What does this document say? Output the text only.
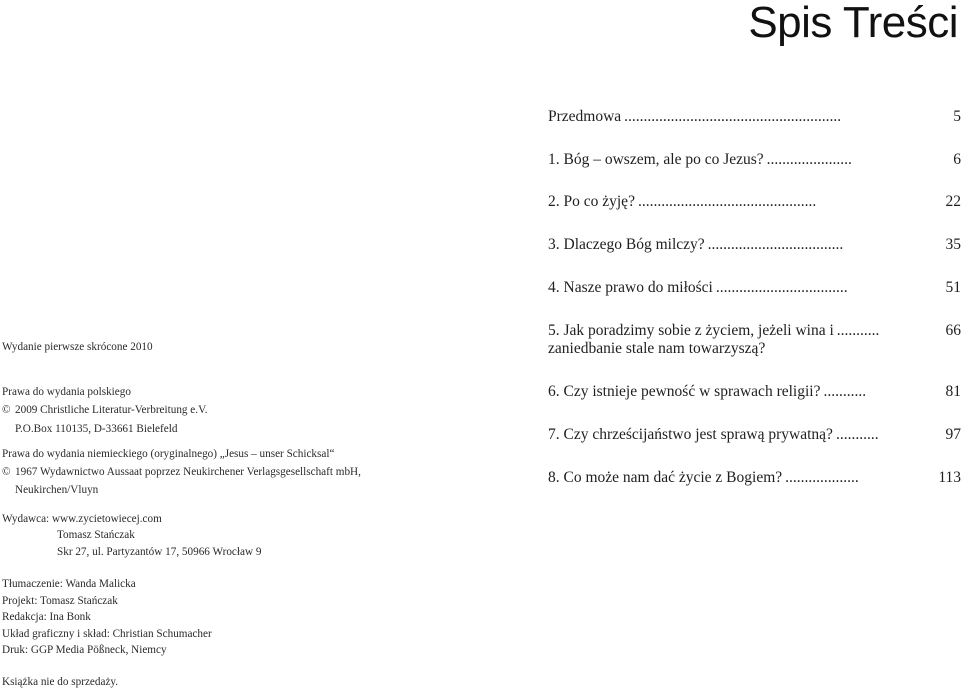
Spis Treści
Przedmowa ........................................................	5
1. Bóg – owszem, ale po co Jezus? ......................	6
2. Po co żyję? ..............................................	22
3. Dlaczego Bóg milczy? ...................................	35
4. Nasze prawo do miłości ..................................	51
5. Jak poradzimy sobie z życiem, jeżeli wina i ...........	66
zaniedbanie stale nam towarzyszą?
6. Czy istnieje pewność w sprawach religii? ...........	81
7. Czy chrześcijaństwo jest sprawą prywatną? ...........	97
8. Co może nam dać życie z Bogiem? ...................	113
Wydanie pierwsze skrócone 2010
Prawa do wydania polskiego
© 2009 Christliche Literatur-Verbreitung e.V.
P.O.Box 110135, D-33661 Bielefeld
Prawa do wydania niemieckiego (oryginalnego) „Jesus – unser Schicksal“
© 1967 Wydawnictwo Aussaat poprzez Neukirchener Verlagsgesellschaft mbH,
Neukirchen/Vluyn
Wydawca: www.zycietowiecej.com
Tomasz Stańczak
Skr 27, ul. Partyzantów 17, 50966 Wrocław 9
Tłumaczenie: Wanda Malicka
Projekt: Tomasz Stańczak
Redakcja: Ina Bonk
Układ graficzny i skład: Christian Schumacher
Druk: GGP Media Pößneck, Niemcy
Książka nie do sprzedaży.
